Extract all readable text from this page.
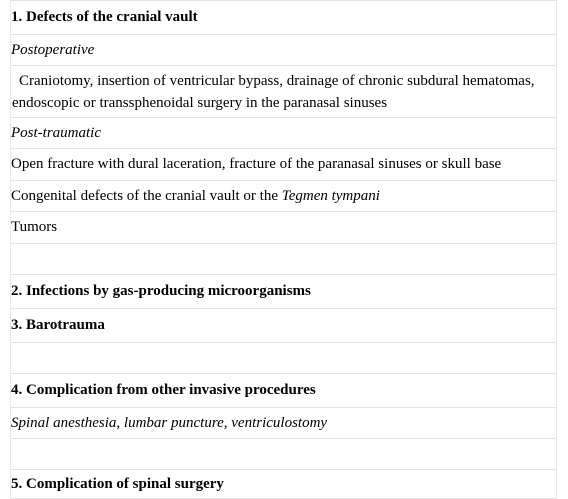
1. Defects of the cranial vault
Postoperative

Craniotomy, insertion of ventricular bypass, drainage of chronic subdural hematomas,
endoscopic or transsphenoidal surgery in the paranasal sinuses

Post-traumatic
Open fracture with dural laceration, fracture of the paranasal sinuses or skull base
Congenital defects of the cranial vault or the Tegmen tympani
Tumors

2. Infections by gas-producing microorganisms
3. Barotrauma

4. Complication from other invasive procedures
Spinal anesthesia, lumbar puncture, ventriculostomy

5. Complication of spinal surgery
